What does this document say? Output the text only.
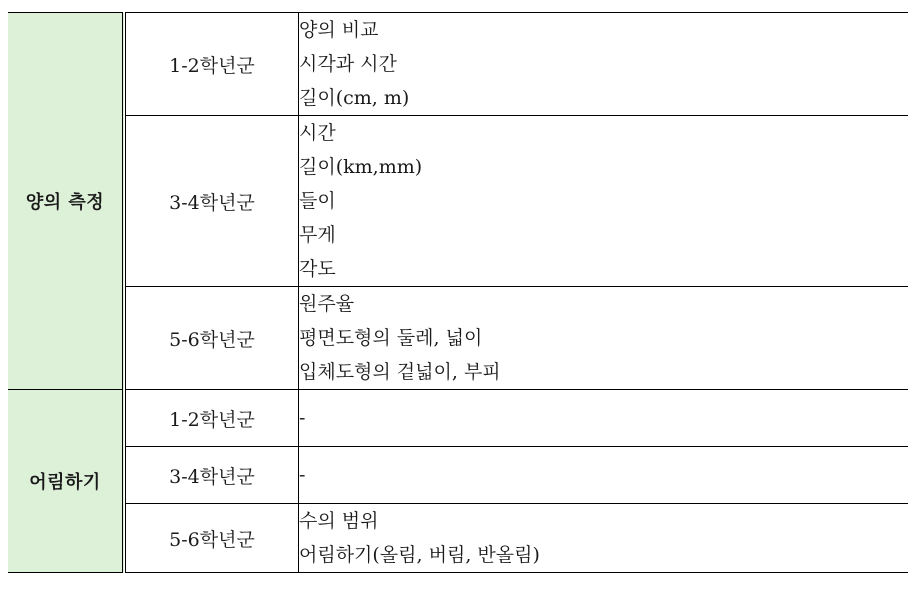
양의 측정	1-2학년군	양의 비교
시각과 시간
길이(cm, m)

	3-4학년군	시간
길이(km,mm)
들이
무게
각도

	5-6학년군	원주율
평면도형의 둘레, 넓이
입체도형의 겉넓이, 부피

어림하기	1-2학년군	-

	3-4학년군	-

	5-6학년군	수의 범위
어림하기(올림, 버림, 반올림)
